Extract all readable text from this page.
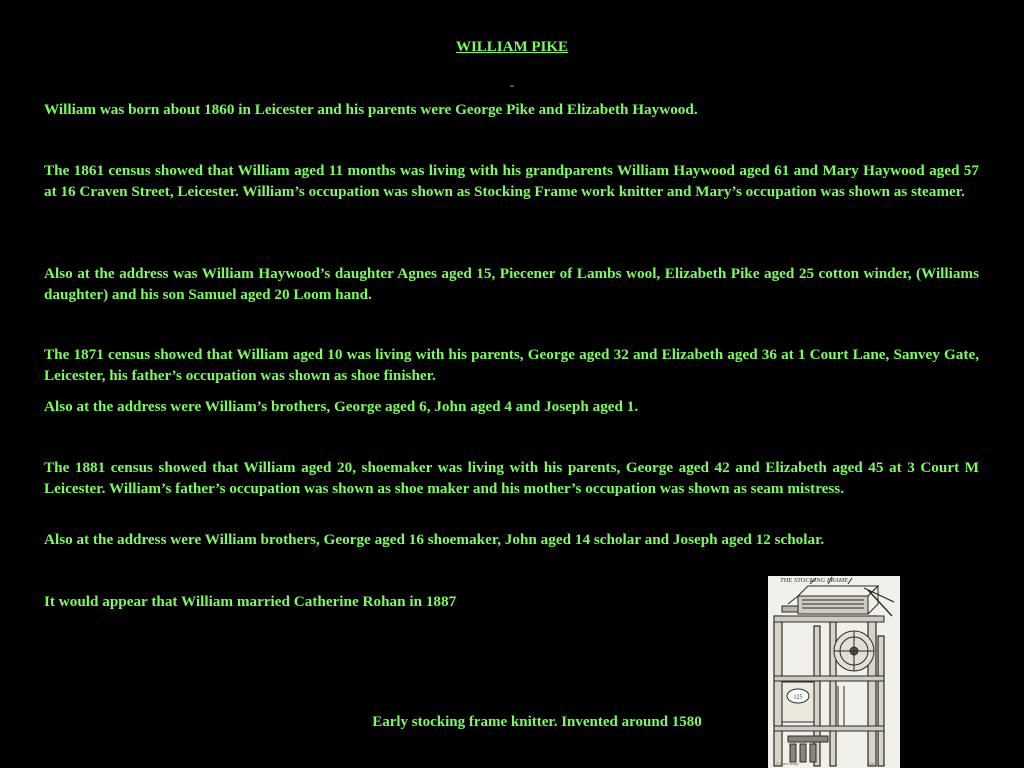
WILLIAM PIKE
-

William was born about 1860 in Leicester and his parents were George Pike and Elizabeth Haywood.

The 1861 census showed that William aged 11 months was living with his grandparents William Haywood aged 61 and Mary Haywood aged 57 at 16 Craven Street, Leicester. William’s occupation was shown as Stocking Frame work knitter and Mary’s occupation was shown as steamer.

Also at the address was William Haywood’s daughter Agnes aged 15, Piecener of Lambs wool, Elizabeth Pike aged 25 cotton winder, (Williams daughter) and his son Samuel aged 20 Loom hand.

The 1871 census showed that William aged 10 was living with his parents, George aged 32 and Elizabeth aged 36 at 1 Court Lane, Sanvey Gate, Leicester, his father’s occupation was shown as shoe finisher.

Also at the address were William’s brothers, George aged 6, John aged 4 and Joseph aged 1.

The 1881 census showed that William aged 20, shoemaker was living with his parents, George aged 42 and Elizabeth aged 45 at 3 Court M Leicester. William’s father’s occupation was shown as shoe maker and his mother’s occupation was shown as seam mistress.

Also at the address were William brothers, George aged 16 shoemaker, John aged 14 scholar and Joseph aged 12 scholar.

It would appear that William married Catherine Rohan in 1887

THE STOCKING FRAME
125
J. Gwin Sculp.	Cat.
Early stocking frame knitter. Invented around 1580
